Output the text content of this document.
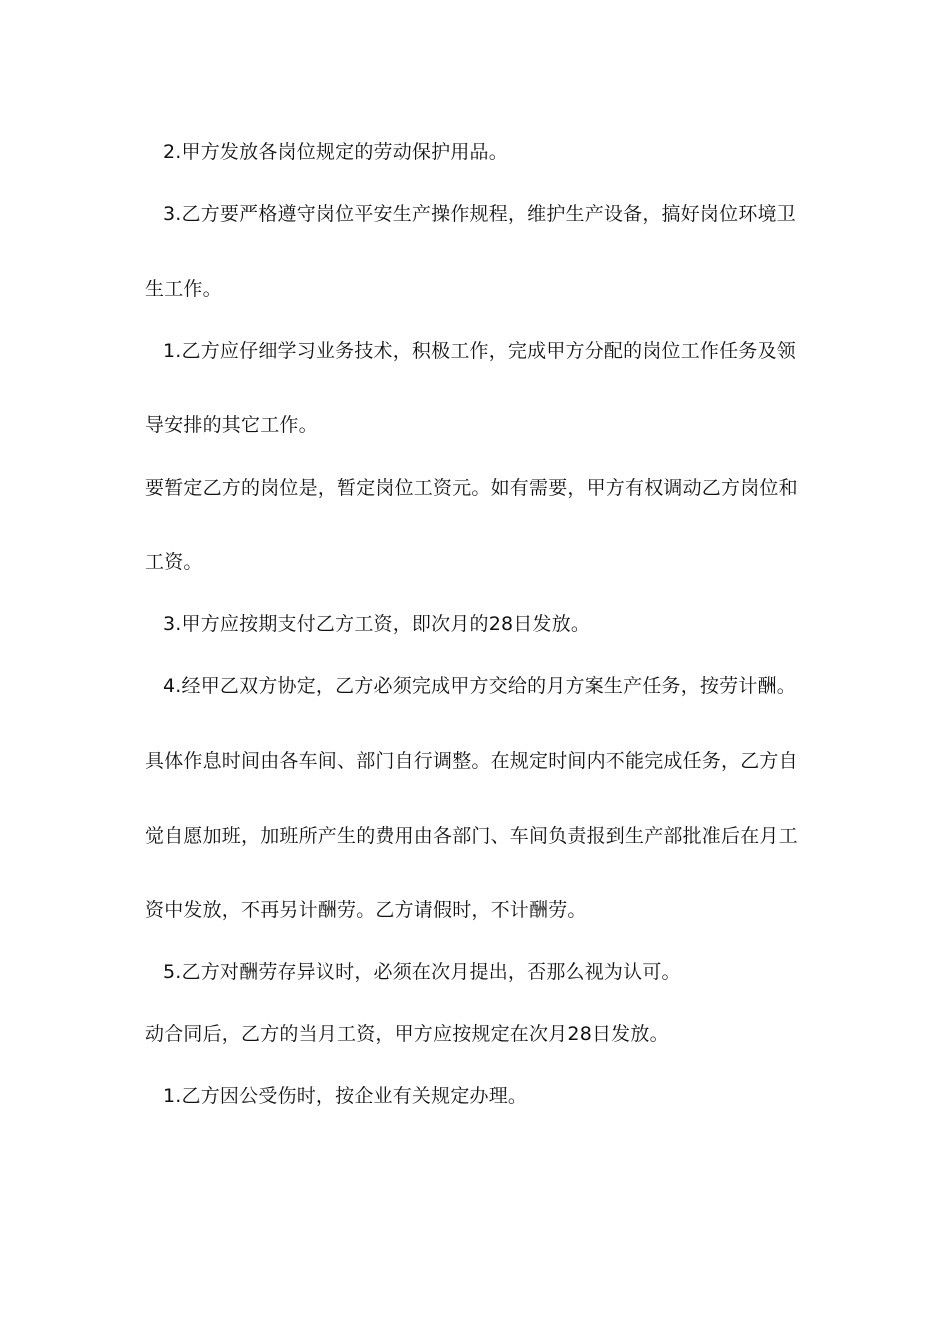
2.甲方发放各岗位规定的劳动保护用品。
3.乙方要严格遵守岗位平安生产操作规程，维护生产设备，搞好岗位环境卫
生工作。
1.乙方应仔细学习业务技术，积极工作，完成甲方分配的岗位工作任务及领
导安排的其它工作。
要暂定乙方的岗位是，暂定岗位工资元。如有需要，甲方有权调动乙方岗位和
工资。
3.甲方应按期支付乙方工资，即次月的28日发放。
4.经甲乙双方协定，乙方必须完成甲方交给的月方案生产任务，按劳计酬。
具体作息时间由各车间、部门自行调整。在规定时间内不能完成任务，乙方自
觉自愿加班，加班所产生的费用由各部门、车间负责报到生产部批准后在月工
资中发放，不再另计酬劳。乙方请假时，不计酬劳。
5.乙方对酬劳存异议时，必须在次月提出，否那么视为认可。
动合同后，乙方的当月工资，甲方应按规定在次月28日发放。
1.乙方因公受伤时，按企业有关规定办理。
